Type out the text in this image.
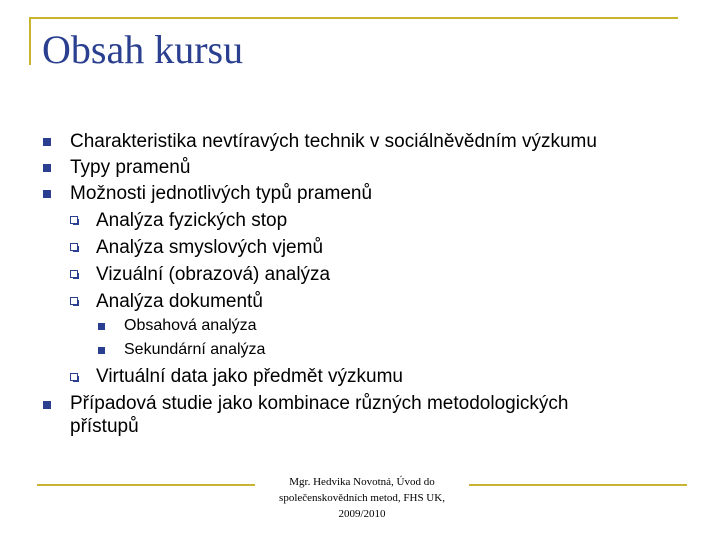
Obsah kursu
Charakteristika nevtíravých technik v sociálněvědním výzkumu
Typy pramenů
Možnosti jednotlivých typů pramenů
Analýza fyzických stop
Analýza smyslových vjemů
Vizuální (obrazová) analýza
Analýza dokumentů
Obsahová analýza
Sekundární analýza
Virtuální data jako předmět výzkumu
Případová studie jako kombinace různých metodologických
přístupů
Mgr. Hedvika Novotná, Úvod do
společenskovědních metod, FHS UK,
2009/2010
